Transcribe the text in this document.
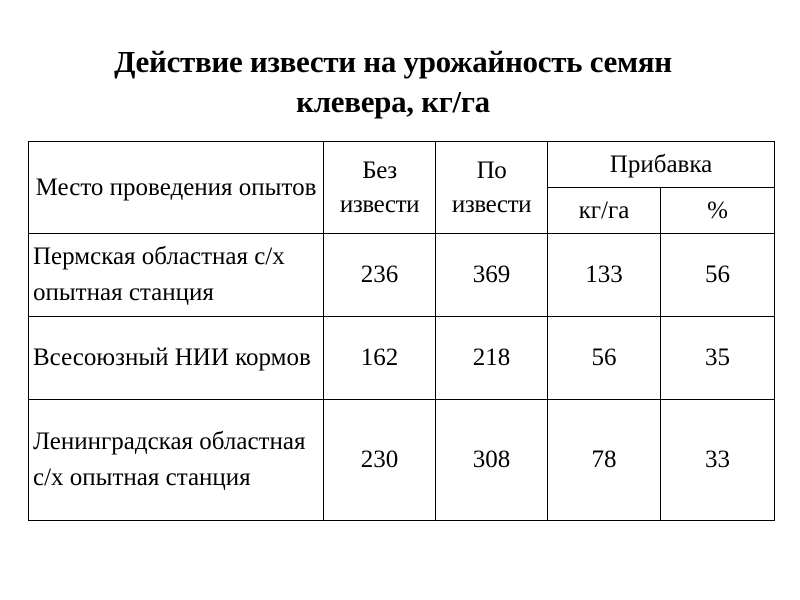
Действие извести на урожайность семян
клевера, кг/га
Место проведения опытов	Без извести	По извести	Прибавка	
			кг/га	%
Пермская областная с/х опытная станция	236	369	133	56
Всесоюзный НИИ кормов	162	218	56	35
Ленинградская областная с/х опытная станция	230	308	78	33
